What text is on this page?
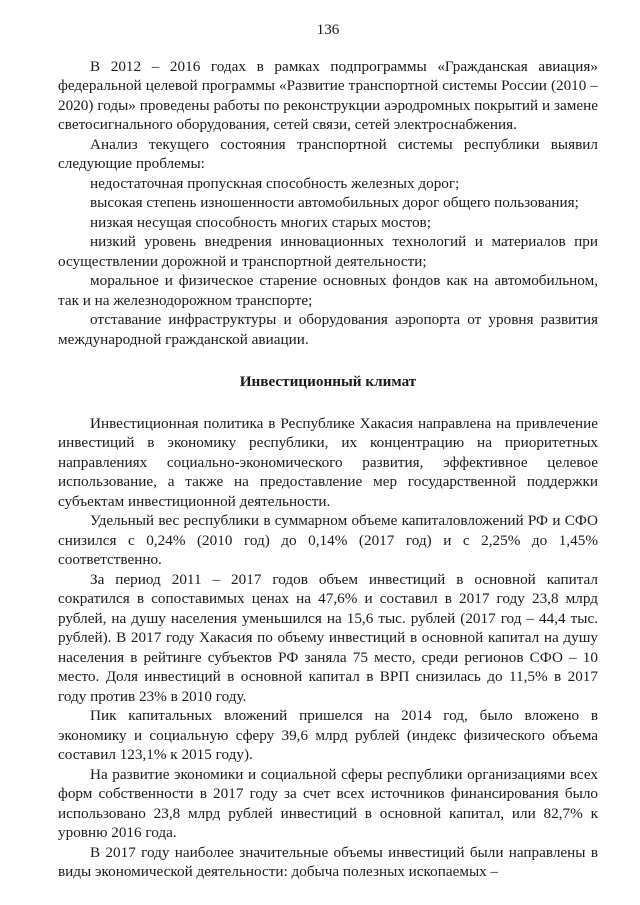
136

В 2012 – 2016 годах в рамках подпрограммы «Гражданская авиация» федеральной целевой программы «Развитие транспортной системы России (2010 – 2020) годы» проведены работы по реконструкции аэродромных покрытий и замене светосигнального оборудования, сетей связи, сетей электроснабжения.

Анализ текущего состояния транспортной системы республики выявил следующие проблемы:

недостаточная пропускная способность железных дорог;

высокая степень изношенности автомобильных дорог общего пользования;

низкая несущая способность многих старых мостов;

низкий уровень внедрения инновационных технологий и материалов при осуществлении дорожной и транспортной деятельности;

моральное и физическое старение основных фондов как на автомобильном, так и на железнодорожном транспорте;

отставание инфраструктуры и оборудования аэропорта от уровня развития международной гражданской авиации.

Инвестиционный климат

Инвестиционная политика в Республике Хакасия направлена на привлечение инвестиций в экономику республики, их концентрацию на приоритетных направлениях социально-экономического развития, эффективное целевое использование, а также на предоставление мер государственной поддержки субъектам инвестиционной деятельности.

Удельный вес республики в суммарном объеме капиталовложений РФ и СФО снизился с 0,24% (2010 год) до 0,14% (2017 год) и с 2,25% до 1,45% соответственно.

За период 2011 – 2017 годов объем инвестиций в основной капитал сократился в сопоставимых ценах на 47,6% и составил в 2017 году 23,8 млрд рублей, на душу населения уменьшился на 15,6 тыс. рублей (2017 год – 44,4 тыс. рублей). В 2017 году Хакасия по объему инвестиций в основной капитал на душу населения в рейтинге субъектов РФ заняла 75 место, среди регионов СФО – 10 место. Доля инвестиций в основной капитал в ВРП снизилась до 11,5% в 2017 году против 23% в 2010 году.

Пик капитальных вложений пришелся на 2014 год, было вложено в экономику и социальную сферу 39,6 млрд рублей (индекс физического объема составил 123,1% к 2015 году).

На развитие экономики и социальной сферы республики организациями всех форм собственности в 2017 году за счет всех источников финансирования было использовано 23,8 млрд рублей инвестиций в основной капитал, или 82,7% к уровню 2016 года.

В 2017 году наиболее значительные объемы инвестиций были направлены в виды экономической деятельности: добыча полезных ископаемых –
